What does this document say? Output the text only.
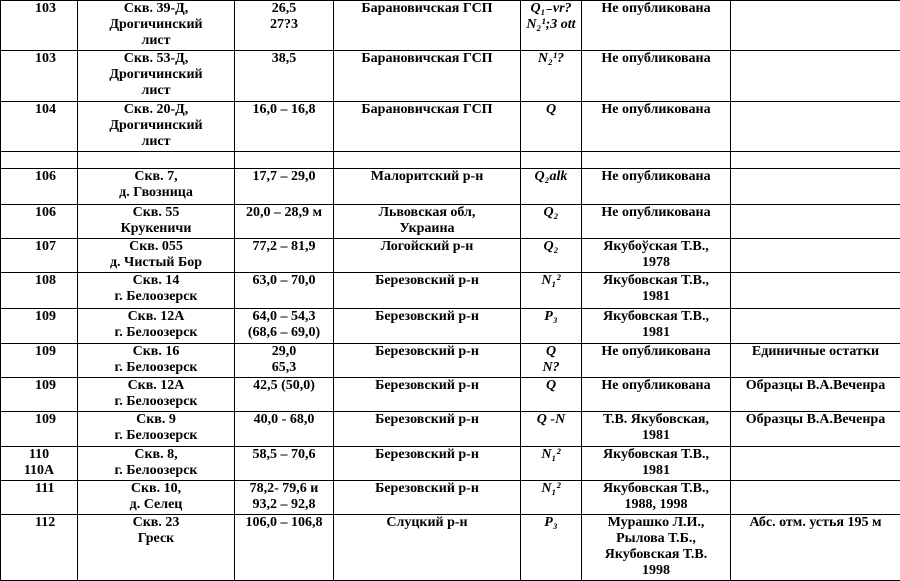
103	Скв. 39-Д,
Дрогичинский
лист	26,5
27?3	Барановичская ГСП	Q₁₋vr?
N₂¹;3 ott	Не опубликована	
103	Скв. 53-Д,
Дрогичинский
лист	38,5	Барановичская ГСП	N₂¹?	Не опубликована	
104	Скв. 20-Д,
Дрогичинский
лист	16,0 – 16,8	Барановичская ГСП	Q	Не опубликована	

106	Скв. 7,
д. Гвозница	17,7 – 29,0	Малоритский р-н	Q₂alk	Не опубликована	
106	Скв. 55
Крукеничи	20,0 – 28,9 м	Львовская обл,
Украина	Q₂	Не опубликована	
107	Скв. 055
д. Чистый Бор	77,2 – 81,9	Логойский р-н	Q₂	Якубоўская Т.В.,
1978	
108	Скв. 14
г. Белоозерск	63,0 – 70,0	Березовский р-н	N₁²	Якубовская Т.В.,
1981	
109	Скв. 12А
г. Белоозерск	64,0 – 54,3
(68,6 – 69,0)	Березовский р-н	P₃	Якубовская Т.В.,
1981	
109	Скв. 16
г. Белоозерск	29,0
65,3	Березовский р-н	Q
N?	Не опубликована	Единичные остатки
109	Скв. 12А
г. Белоозерск	42,5 (50,0)	Березовский р-н	Q	Не опубликована	Образцы В.А.Веченра
109	Скв. 9
г. Белоозерск	40,0 - 68,0	Березовский р-н	Q -N	Т.В. Якубовская,
1981	Образцы В.А.Веченра
110
110А	Скв. 8,
г. Белоозерск	58,5 – 70,6	Березовский р-н	N₁²	Якубовская Т.В.,
1981	
111	Скв. 10,
д. Селец	78,2- 79,6 и
93,2 – 92,8	Березовский р-н	N₁²	Якубовская Т.В.,
1988, 1998	
112	Скв. 23
Греск	106,0 – 106,8	Слуцкий р-н	P₃	Мурашко Л.И.,
Рылова Т.Б.,
Якубовская Т.В.
1998	Абс. отм. устья 195 м
